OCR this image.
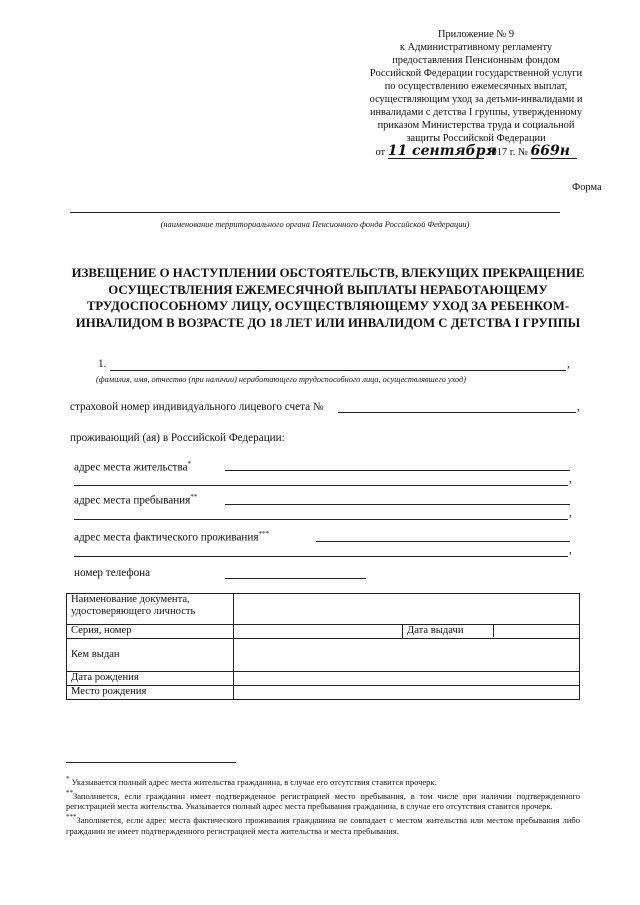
Приложение № 9
к Административному регламенту
предоставления Пенсионным фондом
Российской Федерации государственной услуги
по осуществлению ежемесячных выплат,
осуществляющим уход за детьми-инвалидами и
инвалидами с детства I группы, утвержденному
приказом Министерства труда и социальной
защиты Российской Федерации
от 11 сентября 2017 г. № 669н
Форма
(наименование территориального органа Пенсионного фонда Российской Федерации)
ИЗВЕЩЕНИЕ О НАСТУПЛЕНИИ ОБСТОЯТЕЛЬСТВ, ВЛЕКУЩИХ ПРЕКРАЩЕНИЕ
ОСУЩЕСТВЛЕНИЯ ЕЖЕМЕСЯЧНОЙ ВЫПЛАТЫ НЕРАБОТАЮЩЕМУ
ТРУДОСПОСОБНОМУ ЛИЦУ, ОСУЩЕСТВЛЯЮЩЕМУ УХОД ЗА РЕБЕНКОМ-
ИНВАЛИДОМ В ВОЗРАСТЕ ДО 18 ЛЕТ ИЛИ ИНВАЛИДОМ С ДЕТСТВА I ГРУППЫ
1.	,
(фамилия, имя, отчество (при наличии) неработающего трудоспособного лица, осуществлявшего уход)
страховой номер индивидуального лицевого счета №	,
проживающий (ая) в Российской Федерации:
адрес места жительства*
,
адрес места пребывания**
,
адрес места фактического проживания***
,
номер телефона
Наименование документа, удостоверяющего личность		
Серия, номер		Дата выдачи
Кем выдан		
Дата рождения		
Место рождения		

* Указывается полный адрес места жительства гражданина, в случае его отсутствия ставится прочерк.

**Заполняется, если гражданин имеет подтвержденное регистрацией место пребывания, в том числе при наличии подтвержденного регистрацией места жительства. Указывается полный адрес места пребывания гражданина, в случае его отсутствия ставится прочерк.

***Заполняется, если адрес места фактического проживания гражданина не совпадает с местом жительства или местом пребывания либо гражданин не имеет подтвержденного регистрацией места жительства и места пребывания.
